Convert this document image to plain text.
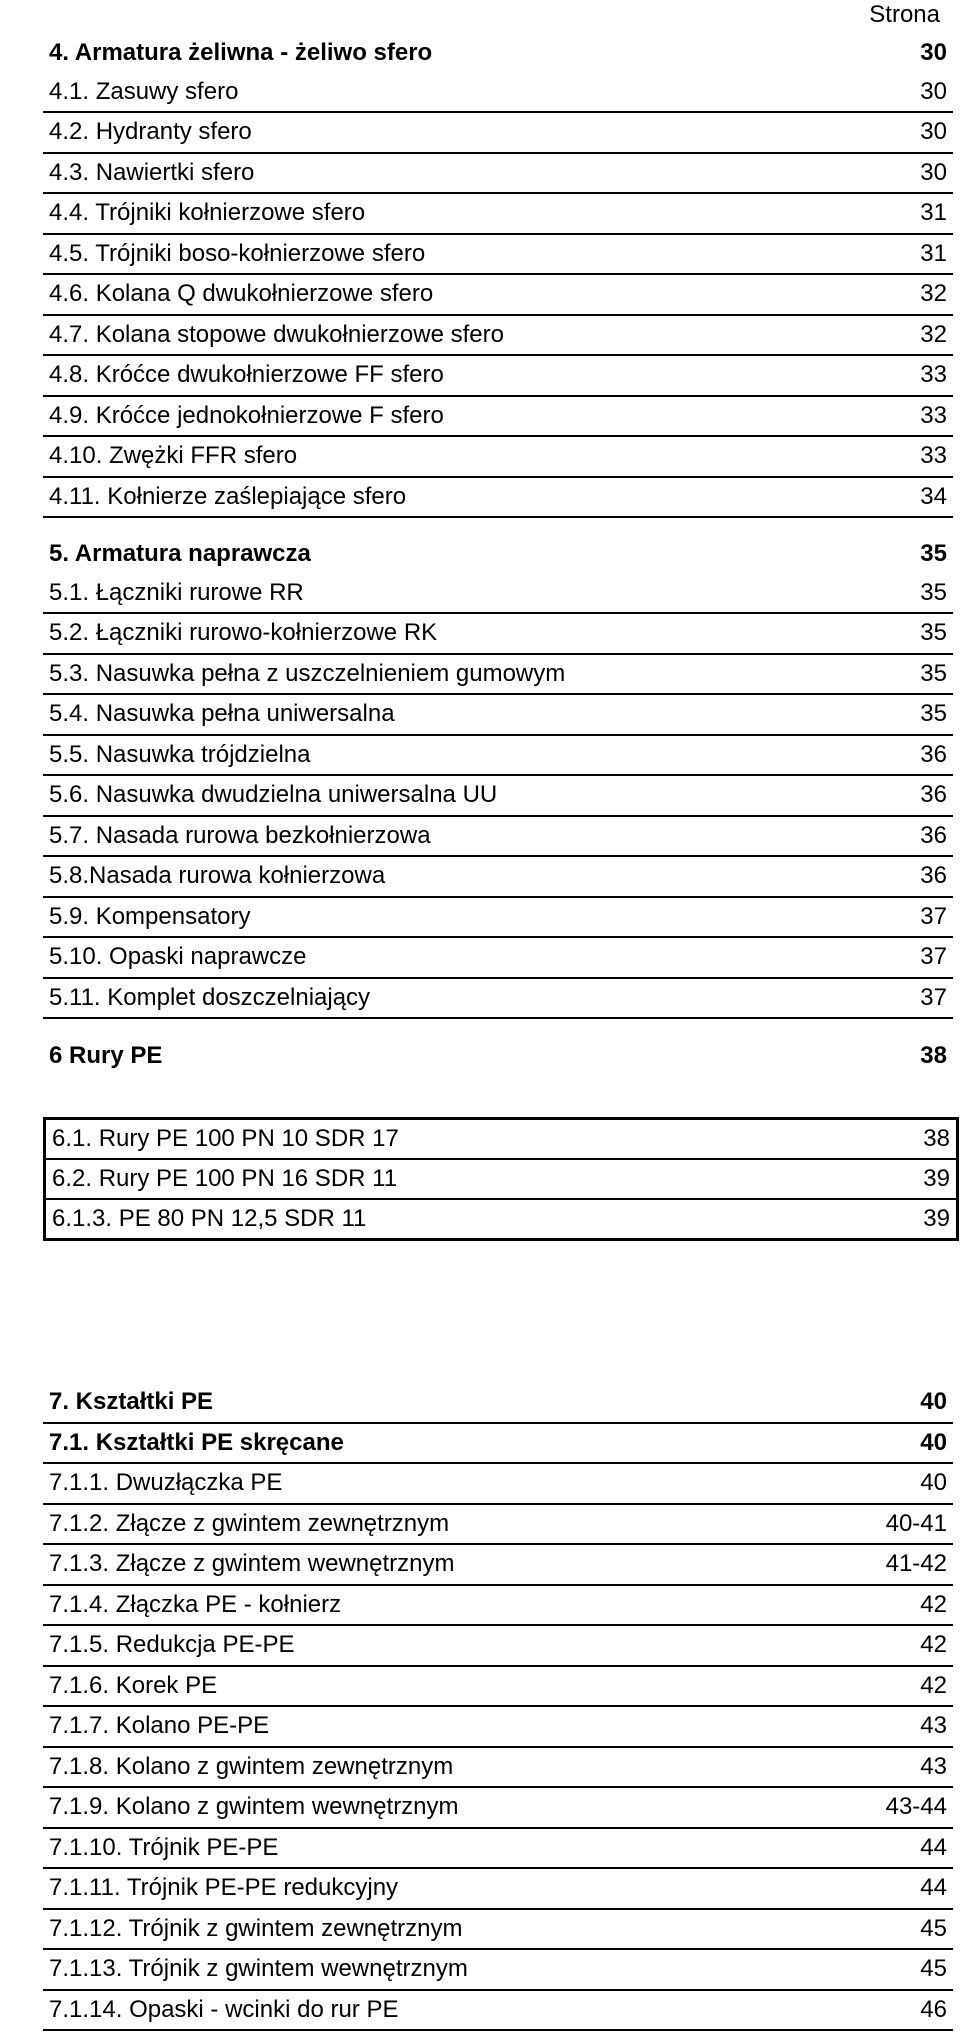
Strona
4. Armatura żeliwna - żeliwo sfero	30
4.1. Zasuwy sfero	30
4.2. Hydranty sfero	30
4.3. Nawiertki sfero	30
4.4. Trójniki kołnierzowe sfero	31
4.5. Trójniki boso-kołnierzowe sfero	31
4.6. Kolana Q dwukołnierzowe sfero	32
4.7. Kolana stopowe dwukołnierzowe sfero	32
4.8. Króćce dwukołnierzowe FF sfero	33
4.9. Króćce jednokołnierzowe F sfero	33
4.10. Zwężki FFR sfero	33
4.11. Kołnierze zaślepiające sfero	34
5. Armatura naprawcza	35
5.1. Łączniki rurowe RR	35
5.2. Łączniki rurowo-kołnierzowe RK	35
5.3. Nasuwka pełna z uszczelnieniem gumowym	35
5.4. Nasuwka pełna uniwersalna	35
5.5. Nasuwka trójdzielna	36
5.6. Nasuwka dwudzielna uniwersalna UU	36
5.7. Nasada rurowa bezkołnierzowa	36
5.8.Nasada rurowa kołnierzowa	36
5.9. Kompensatory	37
5.10. Opaski naprawcze	37
5.11. Komplet doszczelniający	37
6 Rury PE	38
6.1. Rury PE 100 PN 10 SDR 17	38
6.2. Rury PE 100 PN 16 SDR 11	39
6.1.3. PE 80 PN 12,5 SDR 11	39
7. Kształtki PE	40
7.1. Kształtki PE skręcane	40
7.1.1. Dwuzłączka PE	40
7.1.2. Złącze z gwintem zewnętrznym	40-41
7.1.3. Złącze z gwintem wewnętrznym	41-42
7.1.4. Złączka PE - kołnierz	42
7.1.5. Redukcja PE-PE	42
7.1.6. Korek PE	42
7.1.7. Kolano PE-PE	43
7.1.8. Kolano z gwintem zewnętrznym	43
7.1.9. Kolano z gwintem wewnętrznym	43-44
7.1.10. Trójnik PE-PE	44
7.1.11. Trójnik PE-PE redukcyjny	44
7.1.12. Trójnik z gwintem zewnętrznym	45
7.1.13. Trójnik z gwintem wewnętrznym	45
7.1.14. Opaski - wcinki do rur PE	46
